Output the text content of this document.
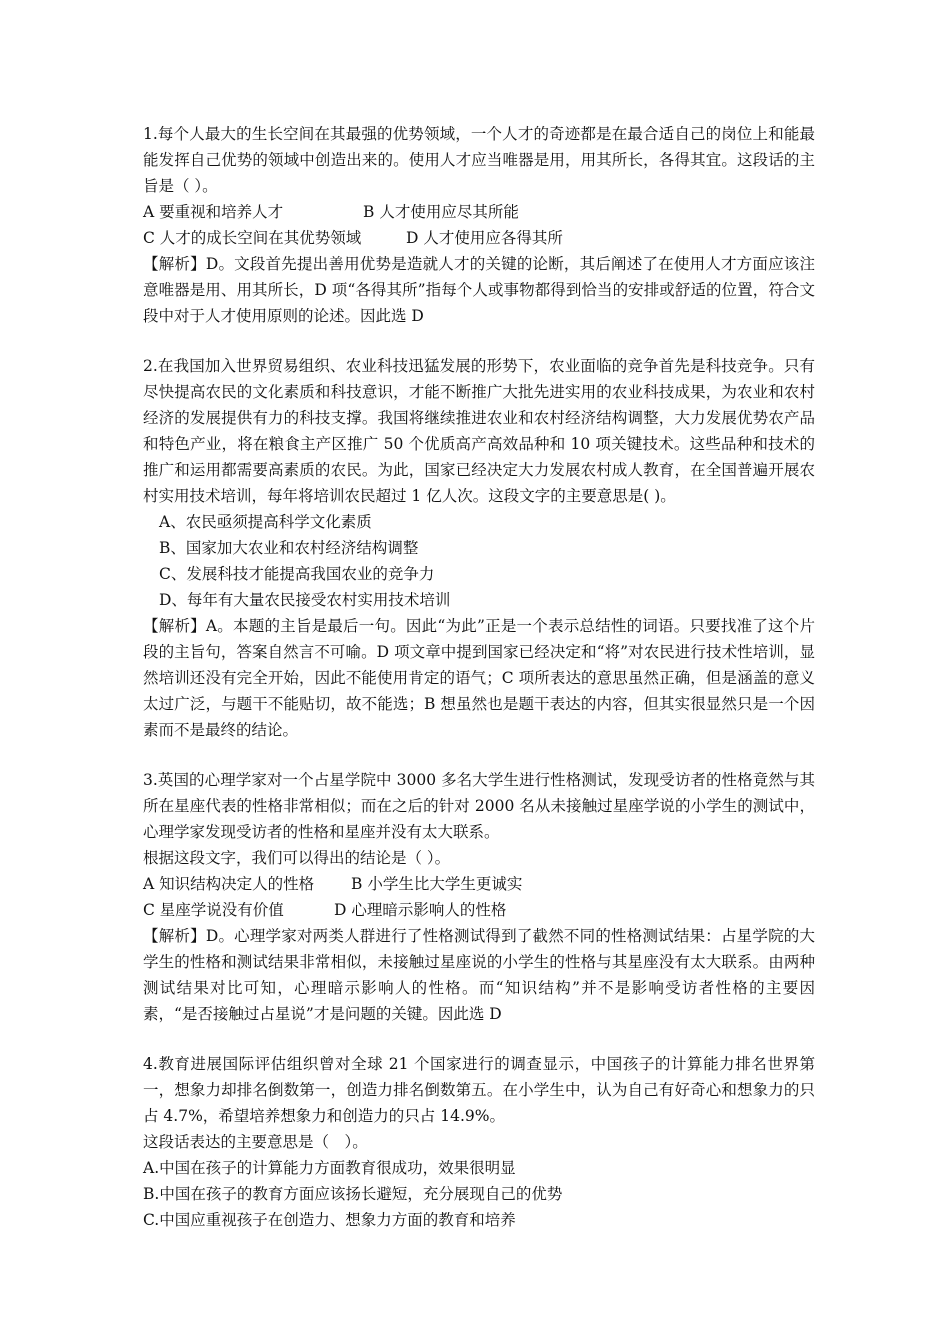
1.每个人最大的生长空间在其最强的优势领域，一个人才的奇迹都是在最合适自己的岗位上和能最能发挥自己优势的领域中创造出来的。使用人才应当唯器是用，用其所长，各得其宜。这段话的主旨是（ ）。
A 要重视和培养人才	B 人才使用应尽其所能
C 人才的成长空间在其优势领域	D 人才使用应各得其所
【解析】D。文段首先提出善用优势是造就人才的关键的论断，其后阐述了在使用人才方面应该注意唯器是用、用其所长，D 项“各得其所”指每个人或事物都得到恰当的安排或舒适的位置，符合文段中对于人才使用原则的论述。因此选 D
2.在我国加入世界贸易组织、农业科技迅猛发展的形势下，农业面临的竞争首先是科技竞争。只有尽快提高农民的文化素质和科技意识，才能不断推广大批先进实用的农业科技成果，为农业和农村经济的发展提供有力的科技支撑。我国将继续推进农业和农村经济结构调整，大力发展优势农产品和特色产业，将在粮食主产区推广 50 个优质高产高效品种和 10 项关键技术。这些品种和技术的推广和运用都需要高素质的农民。为此，国家已经决定大力发展农村成人教育，在全国普遍开展农村实用技术培训，每年将培训农民超过 1 亿人次。这段文字的主要意思是( )。
A、农民亟须提高科学文化素质
B、国家加大农业和农村经济结构调整
C、发展科技才能提高我国农业的竞争力
D、每年有大量农民接受农村实用技术培训
【解析】A。本题的主旨是最后一句。因此“为此”正是一个表示总结性的词语。只要找准了这个片段的主旨句，答案自然言不可喻。D 项文章中提到国家已经决定和“将”对农民进行技术性培训，显然培训还没有完全开始，因此不能使用肯定的语气；C 项所表达的意思虽然正确，但是涵盖的意义太过广泛，与题干不能贴切，故不能选；B 想虽然也是题干表达的内容，但其实很显然只是一个因素而不是最终的结论。
3.英国的心理学家对一个占星学院中 3000 多名大学生进行性格测试，发现受访者的性格竟然与其所在星座代表的性格非常相似；而在之后的针对 2000 名从未接触过星座学说的小学生的测试中，心理学家发现受访者的性格和星座并没有太大联系。
根据这段文字，我们可以得出的结论是（ ）。
A 知识结构决定人的性格 B 小学生比大学生更诚实
C 星座学说没有价值	D 心理暗示影响人的性格
【解析】D。心理学家对两类人群进行了性格测试得到了截然不同的性格测试结果：占星学院的大学生的性格和测试结果非常相似，未接触过星座说的小学生的性格与其星座没有太大联系。由两种测试结果对比可知，心理暗示影响人的性格。而“知识结构”并不是影响受访者性格的主要因素，“是否接触过占星说”才是问题的关键。因此选 D
4.教育进展国际评估组织曾对全球 21 个国家进行的调查显示，中国孩子的计算能力排名世界第一，想象力却排名倒数第一，创造力排名倒数第五。在小学生中，认为自己有好奇心和想象力的只占 4.7%，希望培养想象力和创造力的只占 14.9%。
这段话表达的主要意思是（　）。
A.中国在孩子的计算能力方面教育很成功，效果很明显
B.中国在孩子的教育方面应该扬长避短，充分展现自己的优势
C.中国应重视孩子在创造力、想象力方面的教育和培养
